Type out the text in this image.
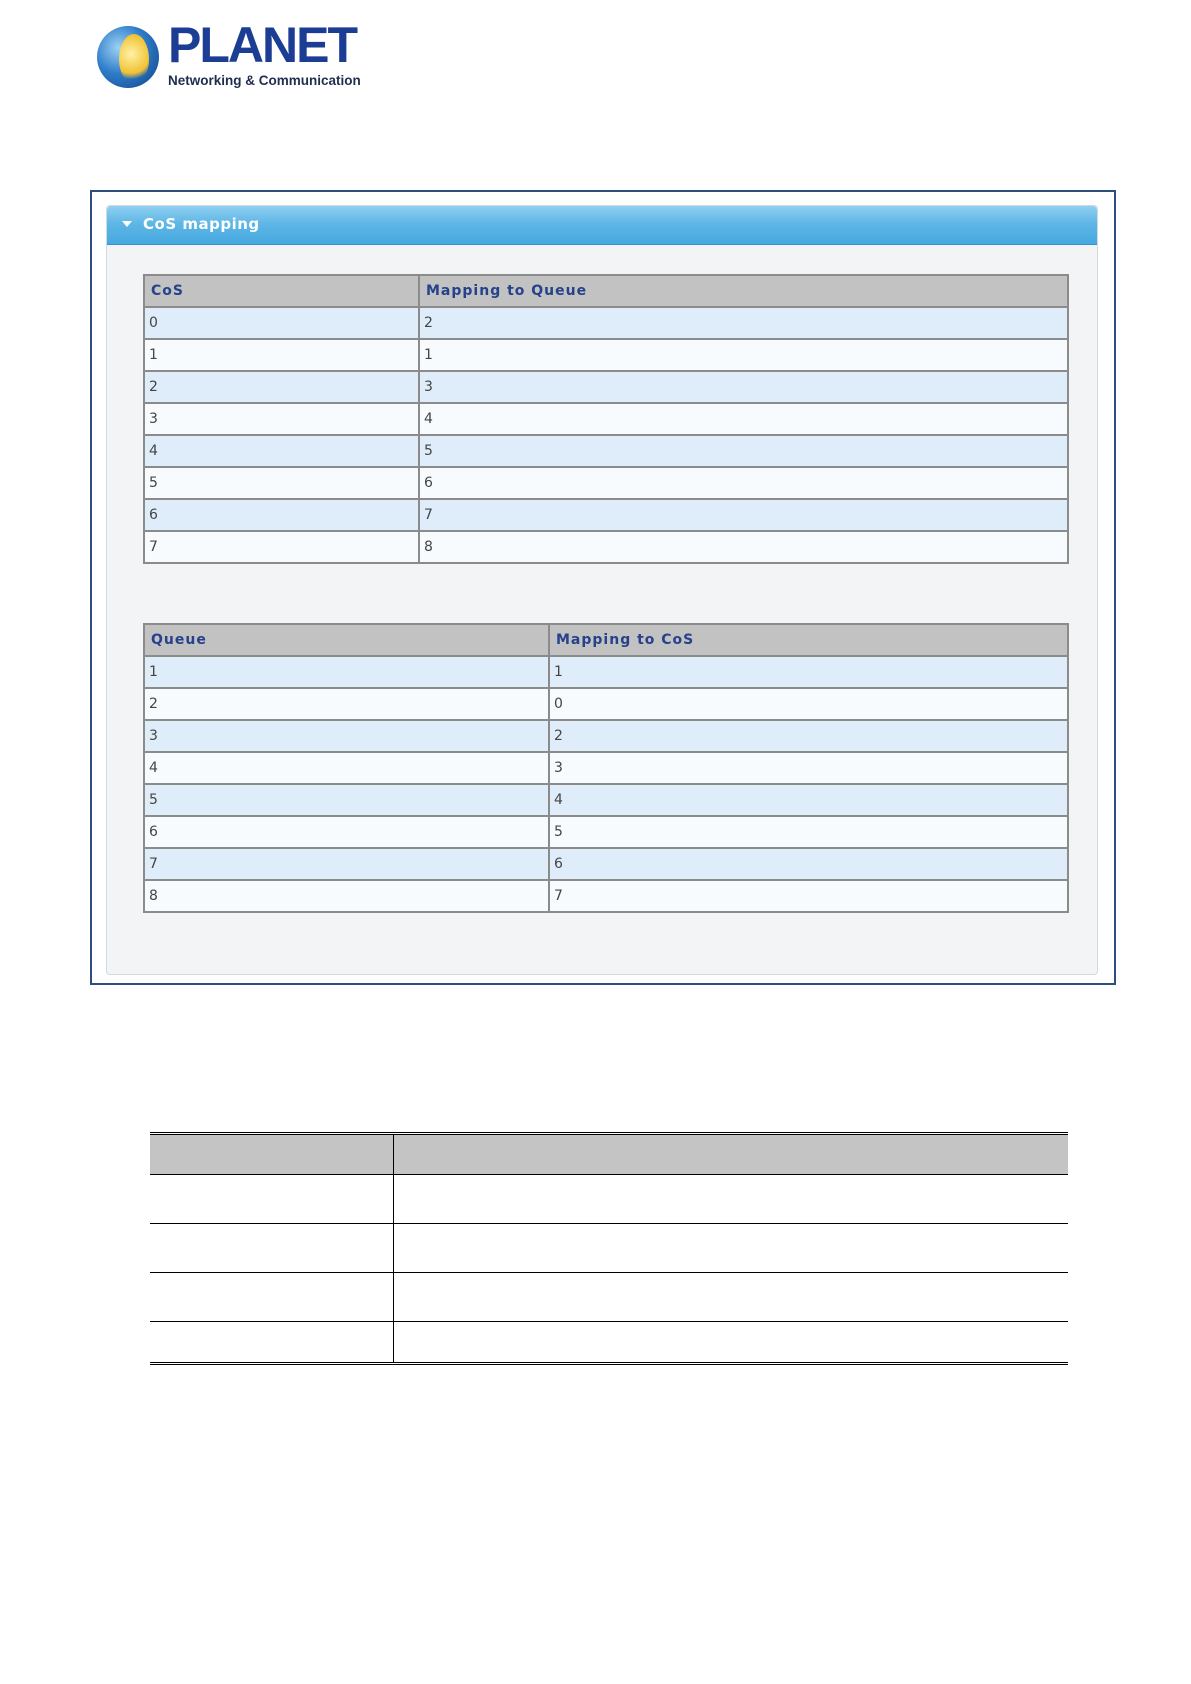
PLANET
Networking & Communication
CoS mapping
CoS	Mapping to Queue
0	2
1	1
2	3
3	4
4	5
5	6
6	7
7	8
Queue	Mapping to CoS
1	1
2	0
3	2
4	3
5	4
6	5
7	6
8	7
